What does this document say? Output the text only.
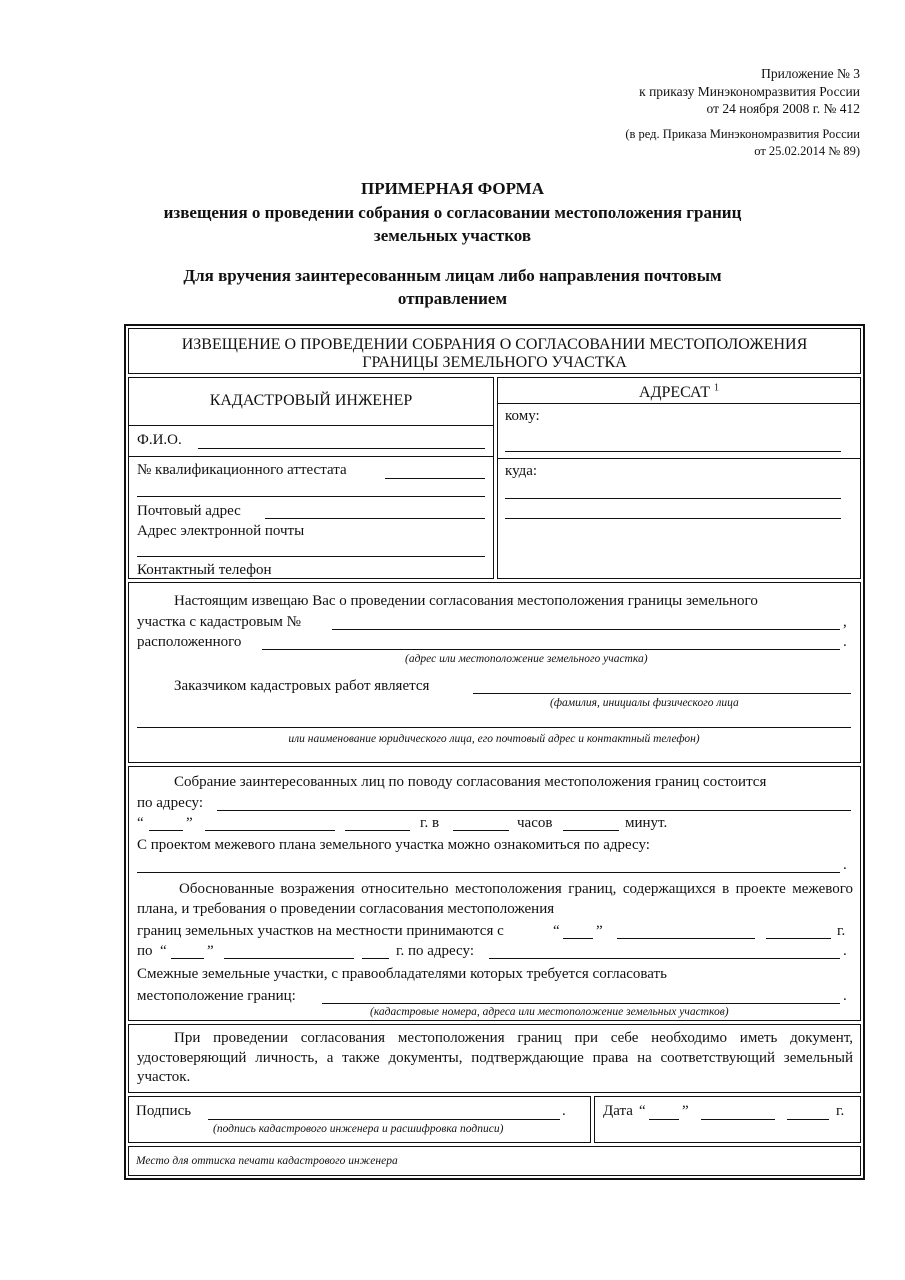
Приложение № 3
к приказу Минэкономразвития России
от 24 ноября 2008 г. № 412
(в ред. Приказа Минэкономразвития России
от 25.02.2014 № 89)
ПРИМЕРНАЯ ФОРМА
извещения о проведении собрания о согласовании местоположения границ
земельных участков
Для вручения заинтересованным лицам либо направления почтовым
отправлением
ИЗВЕЩЕНИЕ О ПРОВЕДЕНИИ СОБРАНИЯ О СОГЛАСОВАНИИ МЕСТОПОЛОЖЕНИЯ
ГРАНИЦЫ ЗЕМЕЛЬНОГО УЧАСТКА
КАДАСТРОВЫЙ ИНЖЕНЕР
Ф.И.О.
№ квалификационного аттестата
Почтовый адрес
Адрес электронной почты
Контактный телефон
АДРЕСАТ $^1$
кому:
куда:
Настоящим извещаю Вас о проведении согласования местоположения границы земельного
участка с кадастровым №	,
расположенного	.
(адрес или местоположение земельного участка)
Заказчиком кадастровых работ является
(фамилия, инициалы физического лица
или наименование юридического лица, его почтовый адрес и контактный телефон)
Собрание заинтересованных лиц по поводу согласования местоположения границ состоится
по адресу:
“	”	г. в	часов	минут.
С проектом межевого плана земельного участка можно ознакомиться по адресу:
.
Обоснованные возражения относительно местоположения границ, содержащихся в проекте межевого плана, и требования о проведении согласования местоположения
границ земельных участков на местности принимаются с	“ ”	г.
по “	”	г. по адресу:	.
Смежные земельные участки, с правообладателями которых требуется согласовать
местоположение границ:	.
(кадастровые номера, адреса или местоположение земельных участков)
При проведении согласования местоположения границ при себе необходимо иметь документ, удостоверяющий личность, а также документы, подтверждающие права на соответствующий земельный участок.
Подпись	.
(подпись кадастрового инженера и расшифровка подписи)
Дата “ ”	г.
Место для оттиска печати кадастрового инженера
